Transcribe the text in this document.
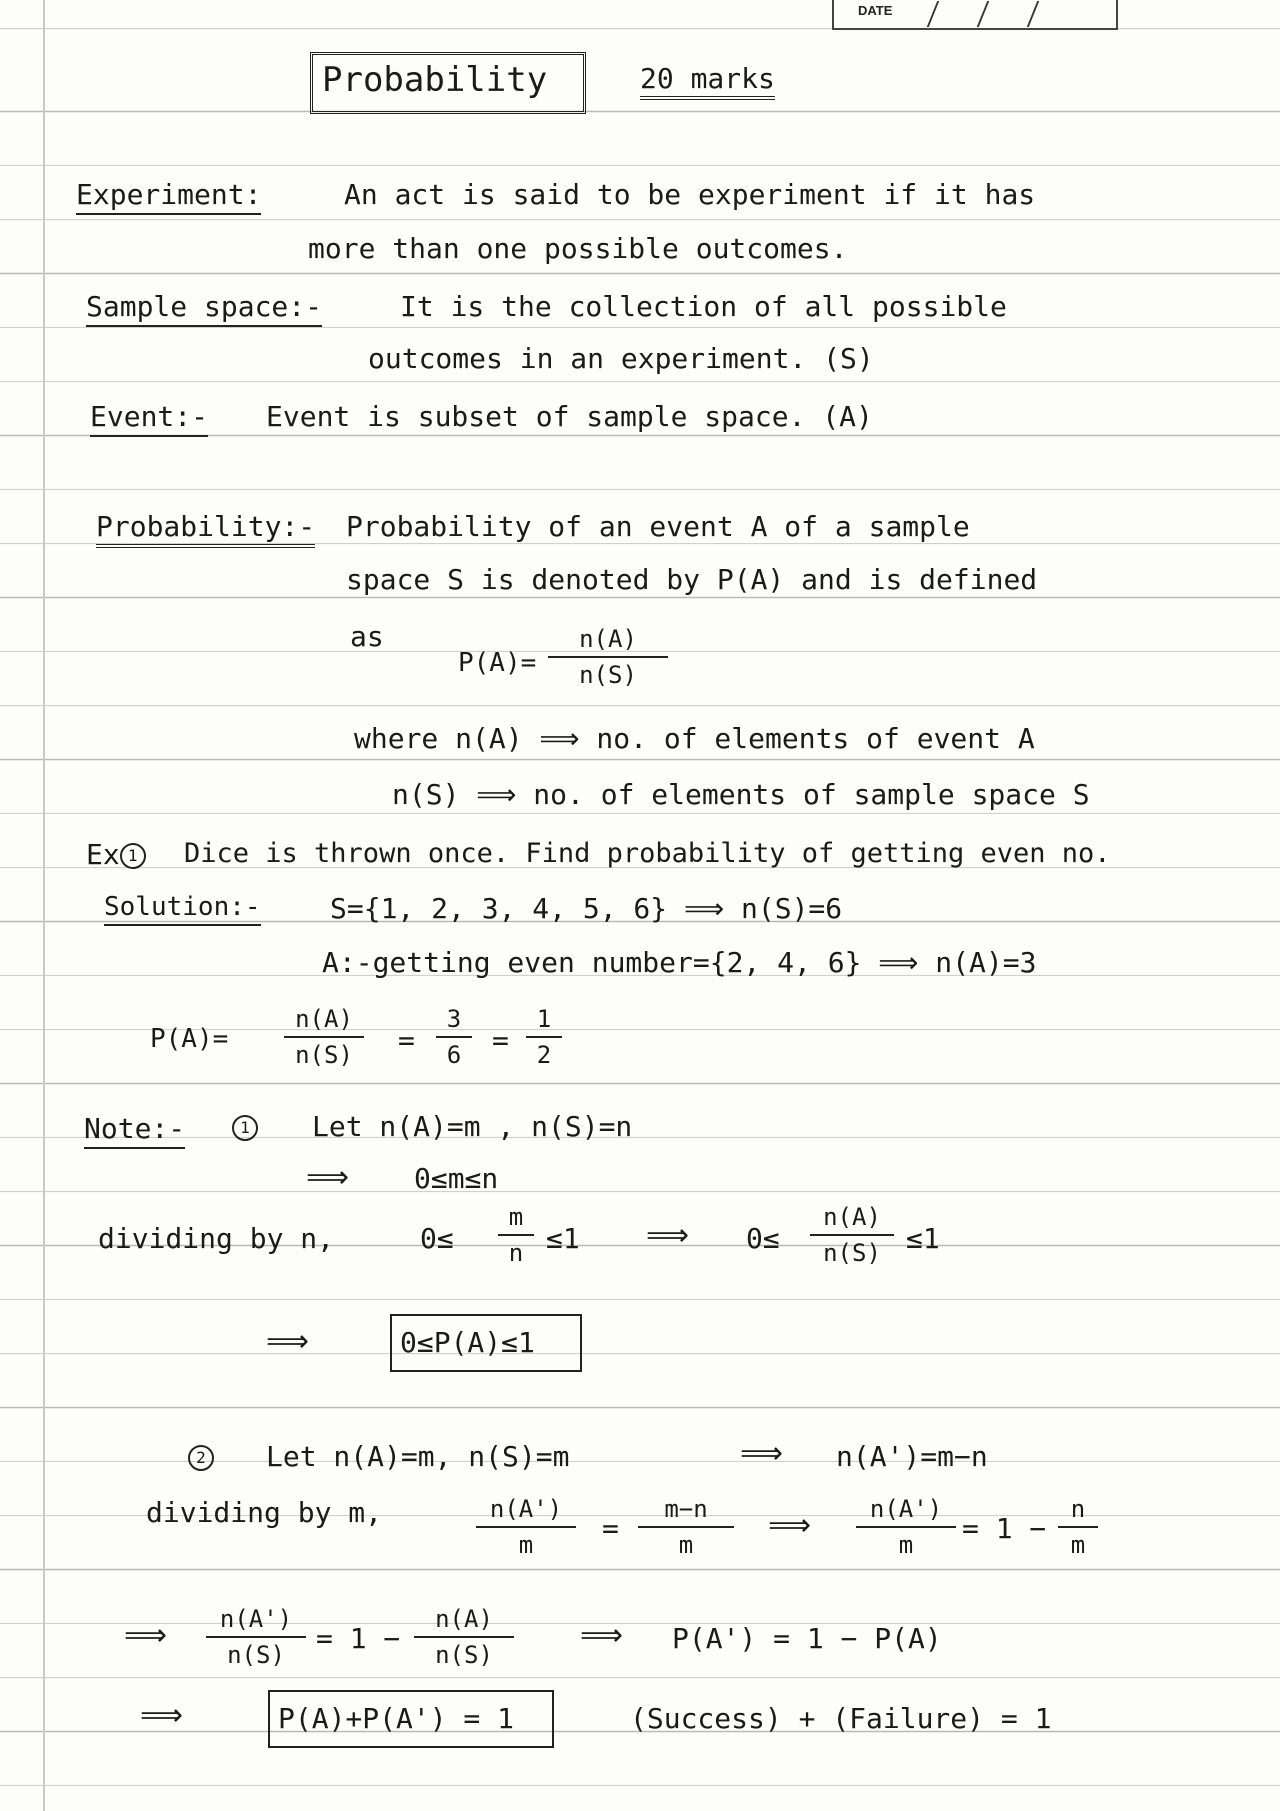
DATE
Probability	20 marks
Experiment:	An act is said to be experiment if it has
more than one possible outcomes.
Sample space:-	It is the collection of all possible
outcomes in an experiment. (S)
Event:- Event is subset of sample space. (A)
Probability:- Probability of an event A of a sample
space S is denoted by P(A) and is defined
as
P(A)=
n(A)
n(S)
where n(A) ⟹ no. of elements of event A
n(S) ⟹ no. of elements of sample space S
Ex 1	Dice is thrown once. Find probability of getting even no.
Solution:- S={1, 2, 3, 4, 5, 6} ⟹ n(S)=6
A:-getting even number={2, 4, 6} ⟹ n(A)=3
P(A)=
n(A)
n(S)	=
3
6	=
1
2
Note:-	1 Let n(A)=m , n(S)=n
⟹ 0≤m≤n
dividing by n,	0≤
m
n ≤1 ⟹ 0≤
n(A)
n(S) ≤1
⟹	0≤P(A)≤1
2 Let n(A)=m, n(S)=m	⟹ n(A')=m−n
dividing by m,	n(A')
m	=
m−n
m
⟹	n(A')
m	= 1 −
n
m
⟹	n(A')
n(S)	= 1 −
n(A)
n(S)
⟹ P(A') = 1 − P(A)
⟹	P(A)+P(A') = 1	(Success) + (Failure) = 1
